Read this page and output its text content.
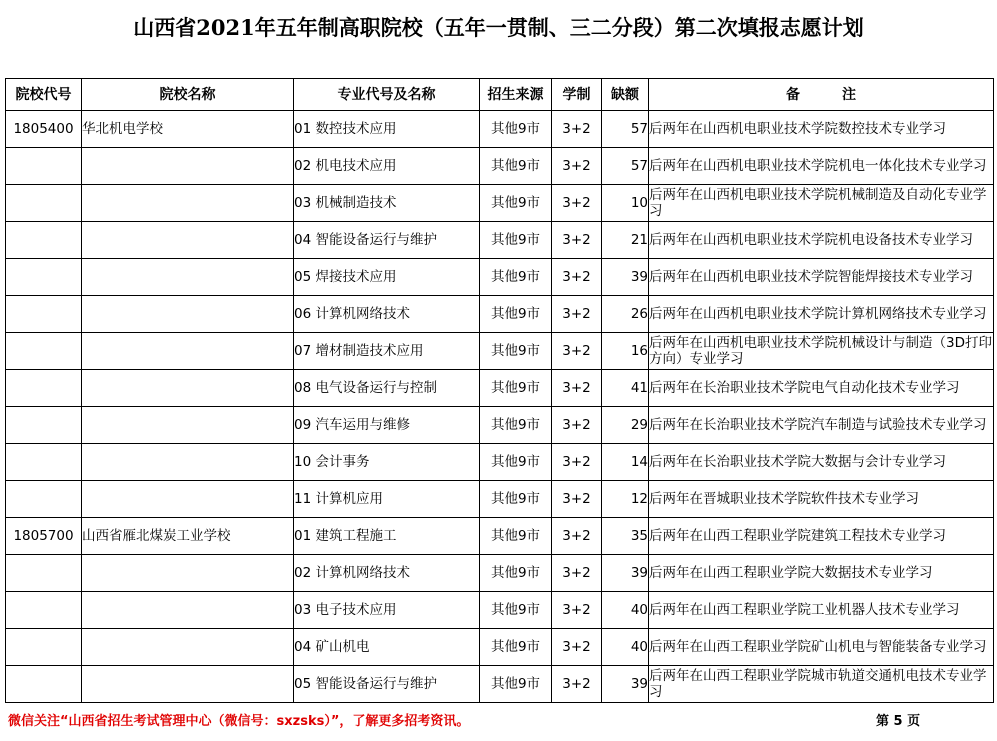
山西省2021年五年制高职院校（五年一贯制、三二分段）第二次填报志愿计划
院校代号	院校名称	专业代号及名称	招生来源	学制	缺额	备　　　注
1805400	华北机电学校	01 数控技术应用	其他9市	3+2	57	后两年在山西机电职业技术学院数控技术专业学习
		02 机电技术应用	其他9市	3+2	57	后两年在山西机电职业技术学院机电一体化技术专业学习
		03 机械制造技术	其他9市	3+2	10	后两年在山西机电职业技术学院机械制造及自动化专业学习
		04 智能设备运行与维护	其他9市	3+2	21	后两年在山西机电职业技术学院机电设备技术专业学习
		05 焊接技术应用	其他9市	3+2	39	后两年在山西机电职业技术学院智能焊接技术专业学习
		06 计算机网络技术	其他9市	3+2	26	后两年在山西机电职业技术学院计算机网络技术专业学习
		07 增材制造技术应用	其他9市	3+2	16	后两年在山西机电职业技术学院机械设计与制造（3D打印方向）专业学习
		08 电气设备运行与控制	其他9市	3+2	41	后两年在长治职业技术学院电气自动化技术专业学习
		09 汽车运用与维修	其他9市	3+2	29	后两年在长治职业技术学院汽车制造与试验技术专业学习
		10 会计事务	其他9市	3+2	14	后两年在长治职业技术学院大数据与会计专业学习
		11 计算机应用	其他9市	3+2	12	后两年在晋城职业技术学院软件技术专业学习
1805700	山西省雁北煤炭工业学校	01 建筑工程施工	其他9市	3+2	35	后两年在山西工程职业学院建筑工程技术专业学习
		02 计算机网络技术	其他9市	3+2	39	后两年在山西工程职业学院大数据技术专业学习
		03 电子技术应用	其他9市	3+2	40	后两年在山西工程职业学院工业机器人技术专业学习
		04 矿山机电	其他9市	3+2	40	后两年在山西工程职业学院矿山机电与智能装备专业学习
		05 智能设备运行与维护	其他9市	3+2	39	后两年在山西工程职业学院城市轨道交通机电技术专业学习
微信关注“山西省招生考试管理中心（微信号：sxzsks）”，了解更多招考资讯。	第 5 页
